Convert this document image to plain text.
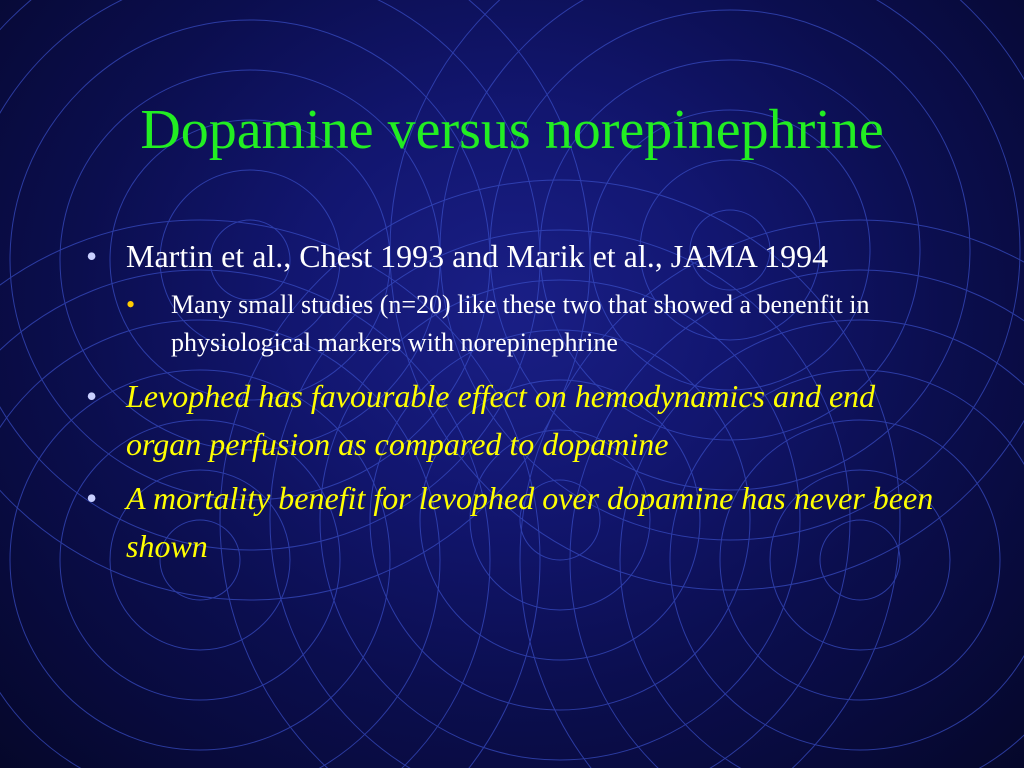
Dopamine versus norepinephrine
• Martin et al., Chest 1993 and Marik et al., JAMA 1994
• Many small studies (n=20) like these two that showed a benenfit in physiological markers with norepinephrine
• Levophed has favourable effect on hemodynamics and end organ perfusion as compared to dopamine
• A mortality benefit for levophed over dopamine has never been shown
